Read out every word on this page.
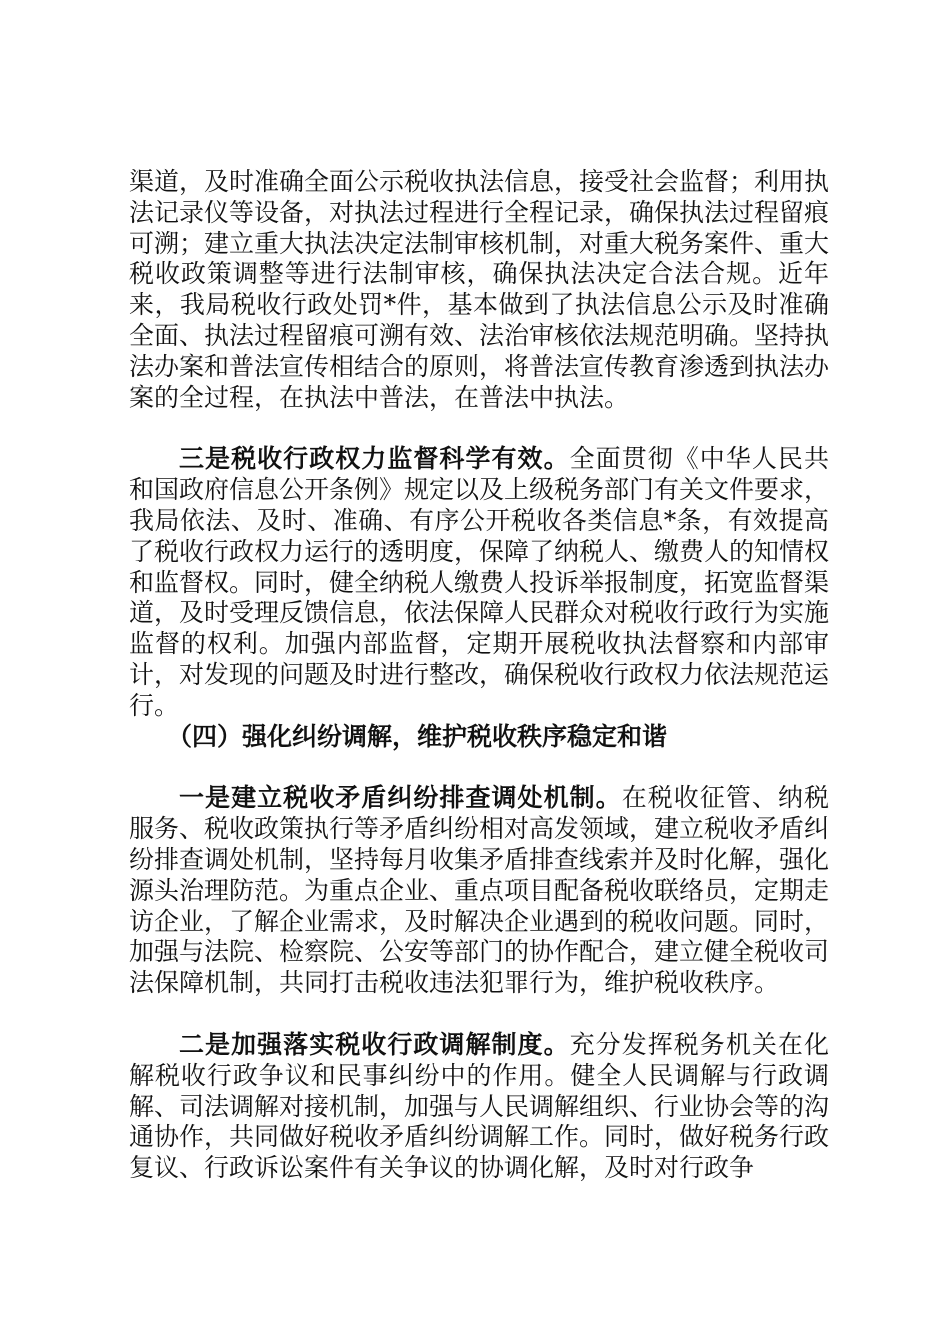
渠道，及时准确全面公示税收执法信息，接受社会监督；利用执法记录仪等设备，对执法过程进行全程记录，确保执法过程留痕可溯；建立重大执法决定法制审核机制，对重大税务案件、重大税收政策调整等进行法制审核，确保执法决定合法合规。近年来，我局税收行政处罚*件，基本做到了执法信息公示及时准确全面、执法过程留痕可溯有效、法治审核依法规范明确。坚持执法办案和普法宣传相结合的原则，将普法宣传教育渗透到执法办案的全过程，在执法中普法，在普法中执法。

三是税收行政权力监督科学有效。全面贯彻《中华人民共和国政府信息公开条例》规定以及上级税务部门有关文件要求，我局依法、及时、准确、有序公开税收各类信息*条，有效提高了税收行政权力运行的透明度，保障了纳税人、缴费人的知情权和监督权。同时，健全纳税人缴费人投诉举报制度，拓宽监督渠道，及时受理反馈信息，依法保障人民群众对税收行政行为实施监督的权利。加强内部监督，定期开展税收执法督察和内部审计，对发现的问题及时进行整改，确保税收行政权力依法规范运行。

（四）强化纠纷调解，维护税收秩序稳定和谐

一是建立税收矛盾纠纷排查调处机制。在税收征管、纳税服务、税收政策执行等矛盾纠纷相对高发领域，建立税收矛盾纠纷排查调处机制，坚持每月收集矛盾排查线索并及时化解，强化源头治理防范。为重点企业、重点项目配备税收联络员，定期走访企业，了解企业需求，及时解决企业遇到的税收问题。同时，加强与法院、检察院、公安等部门的协作配合，建立健全税收司法保障机制，共同打击税收违法犯罪行为，维护税收秩序。

二是加强落实税收行政调解制度。充分发挥税务机关在化解税收行政争议和民事纠纷中的作用。健全人民调解与行政调解、司法调解对接机制，加强与人民调解组织、行业协会等的沟通协作，共同做好税收矛盾纠纷调解工作。同时，做好税务行政复议、行政诉讼案件有关争议的协调化解，及时对行政争
